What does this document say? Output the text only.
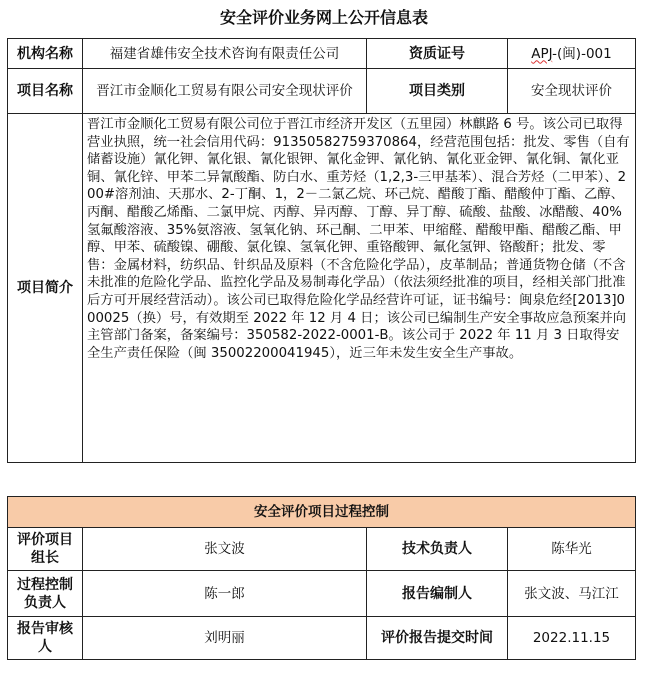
安全评价业务网上公开信息表
机构名称	福建省雄伟安全技术咨询有限责任公司	资质证号	APJ-(闽)-001
项目名称	晋江市金顺化工贸易有限公司安全现状评价	项目类别	安全现状评价
项目简介	晋江市金顺化工贸易有限公司位于晋江市经济开发区（五里园）林麒路 6 号。该公司已取得营业执照，统一社会信用代码：91350582759370864，经营范围包括：批发、零售（自有储蓄设施）氰化钾、氰化银、氰化银钾、氰化金钾、氰化钠、氰化亚金钾、氰化铜、氰化亚铜、氰化锌、甲苯二异氰酸酯、防白水、重芳烃（1,2,3-三甲基苯）、混合芳烃（二甲苯）、200#溶剂油、天那水、2-丁酮、1，2－二氯乙烷、环己烷、醋酸丁酯、醋酸仲丁酯、乙醇、丙酮、醋酸乙烯酯、二氯甲烷、丙醇、异丙醇、丁醇、异丁醇、硫酸、盐酸、冰醋酸、40%氢氟酸溶液、35%氨溶液、氢氧化钠、环己酮、二甲苯、甲缩醛、醋酸甲酯、醋酸乙酯、甲醇、甲苯、硫酸镍、硼酸、氯化镍、氢氧化钾、重铬酸钾、氟化氢钾、铬酸酐；批发、零售：金属材料，纺织品、针织品及原料（不含危险化学品），皮革制品；普通货物仓储（不含未批准的危险化学品、监控化学品及易制毒化学品）（依法须经批准的项目，经相关部门批准后方可开展经营活动）。该公司已取得危险化学品经营许可证，证书编号：闽泉危经[2013]000025（换）号，有效期至 2022 年 12 月 4 日；该公司已编制生产安全事故应急预案并向主管部门备案，备案编号：350582-2022-0001-B。该公司于 2022 年 11 月 3 日取得安全生产责任保险（闽 35002200041945），近三年未发生安全生产事故。		
安全评价项目过程控制			
评价项目组长	张文波	技术负责人	陈华光
过程控制负责人	陈一郎	报告编制人	张文波、马江江
报告审核人	刘明丽	评价报告提交时间	2022.11.15
